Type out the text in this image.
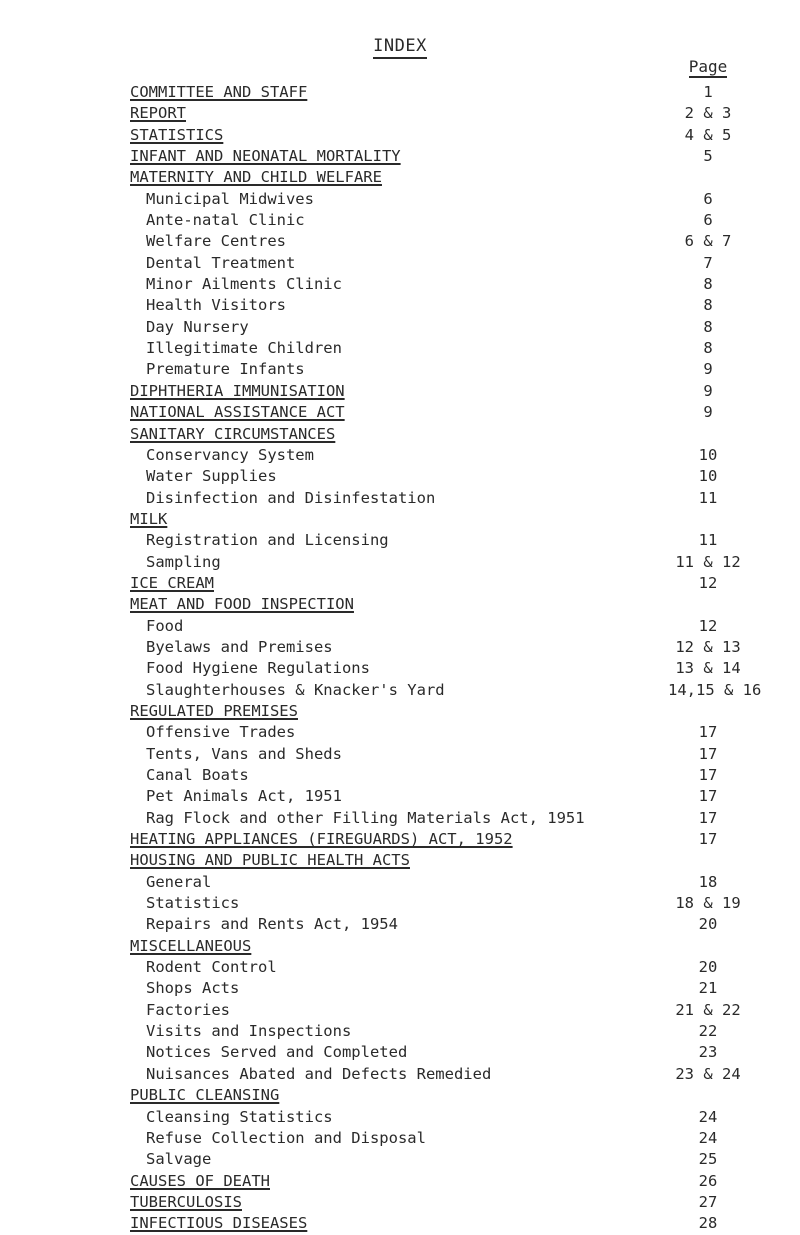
INDEX
Page
COMMITTEE AND STAFF	1
REPORT	2 & 3
STATISTICS	4 & 5
INFANT AND NEONATAL MORTALITY	5
MATERNITY AND CHILD WELFARE
Municipal Midwives	6
Ante-natal Clinic	6
Welfare Centres	6 & 7
Dental Treatment	7
Minor Ailments Clinic	8
Health Visitors	8
Day Nursery	8
Illegitimate Children	8
Premature Infants	9
DIPHTHERIA IMMUNISATION	9
NATIONAL ASSISTANCE ACT	9
SANITARY CIRCUMSTANCES
Conservancy System	10
Water Supplies	10
Disinfection and Disinfestation	11
MILK
Registration and Licensing	11
Sampling	11 & 12
ICE CREAM	12
MEAT AND FOOD INSPECTION
Food	12
Byelaws and Premises	12 & 13
Food Hygiene Regulations	13 & 14
Slaughterhouses & Knacker's Yard	14,15 & 16
REGULATED PREMISES
Offensive Trades	17
Tents, Vans and Sheds	17
Canal Boats	17
Pet Animals Act, 1951	17
Rag Flock and other Filling Materials Act, 1951	17
HEATING APPLIANCES (FIREGUARDS) ACT, 1952	17
HOUSING AND PUBLIC HEALTH ACTS
General	18
Statistics	18 & 19
Repairs and Rents Act, 1954	20
MISCELLANEOUS
Rodent Control	20
Shops Acts	21
Factories	21 & 22
Visits and Inspections	22
Notices Served and Completed	23
Nuisances Abated and Defects Remedied	23 & 24
PUBLIC CLEANSING
Cleansing Statistics	24
Refuse Collection and Disposal	24
Salvage	25
CAUSES OF DEATH	26
TUBERCULOSIS	27
INFECTIOUS DISEASES	28
